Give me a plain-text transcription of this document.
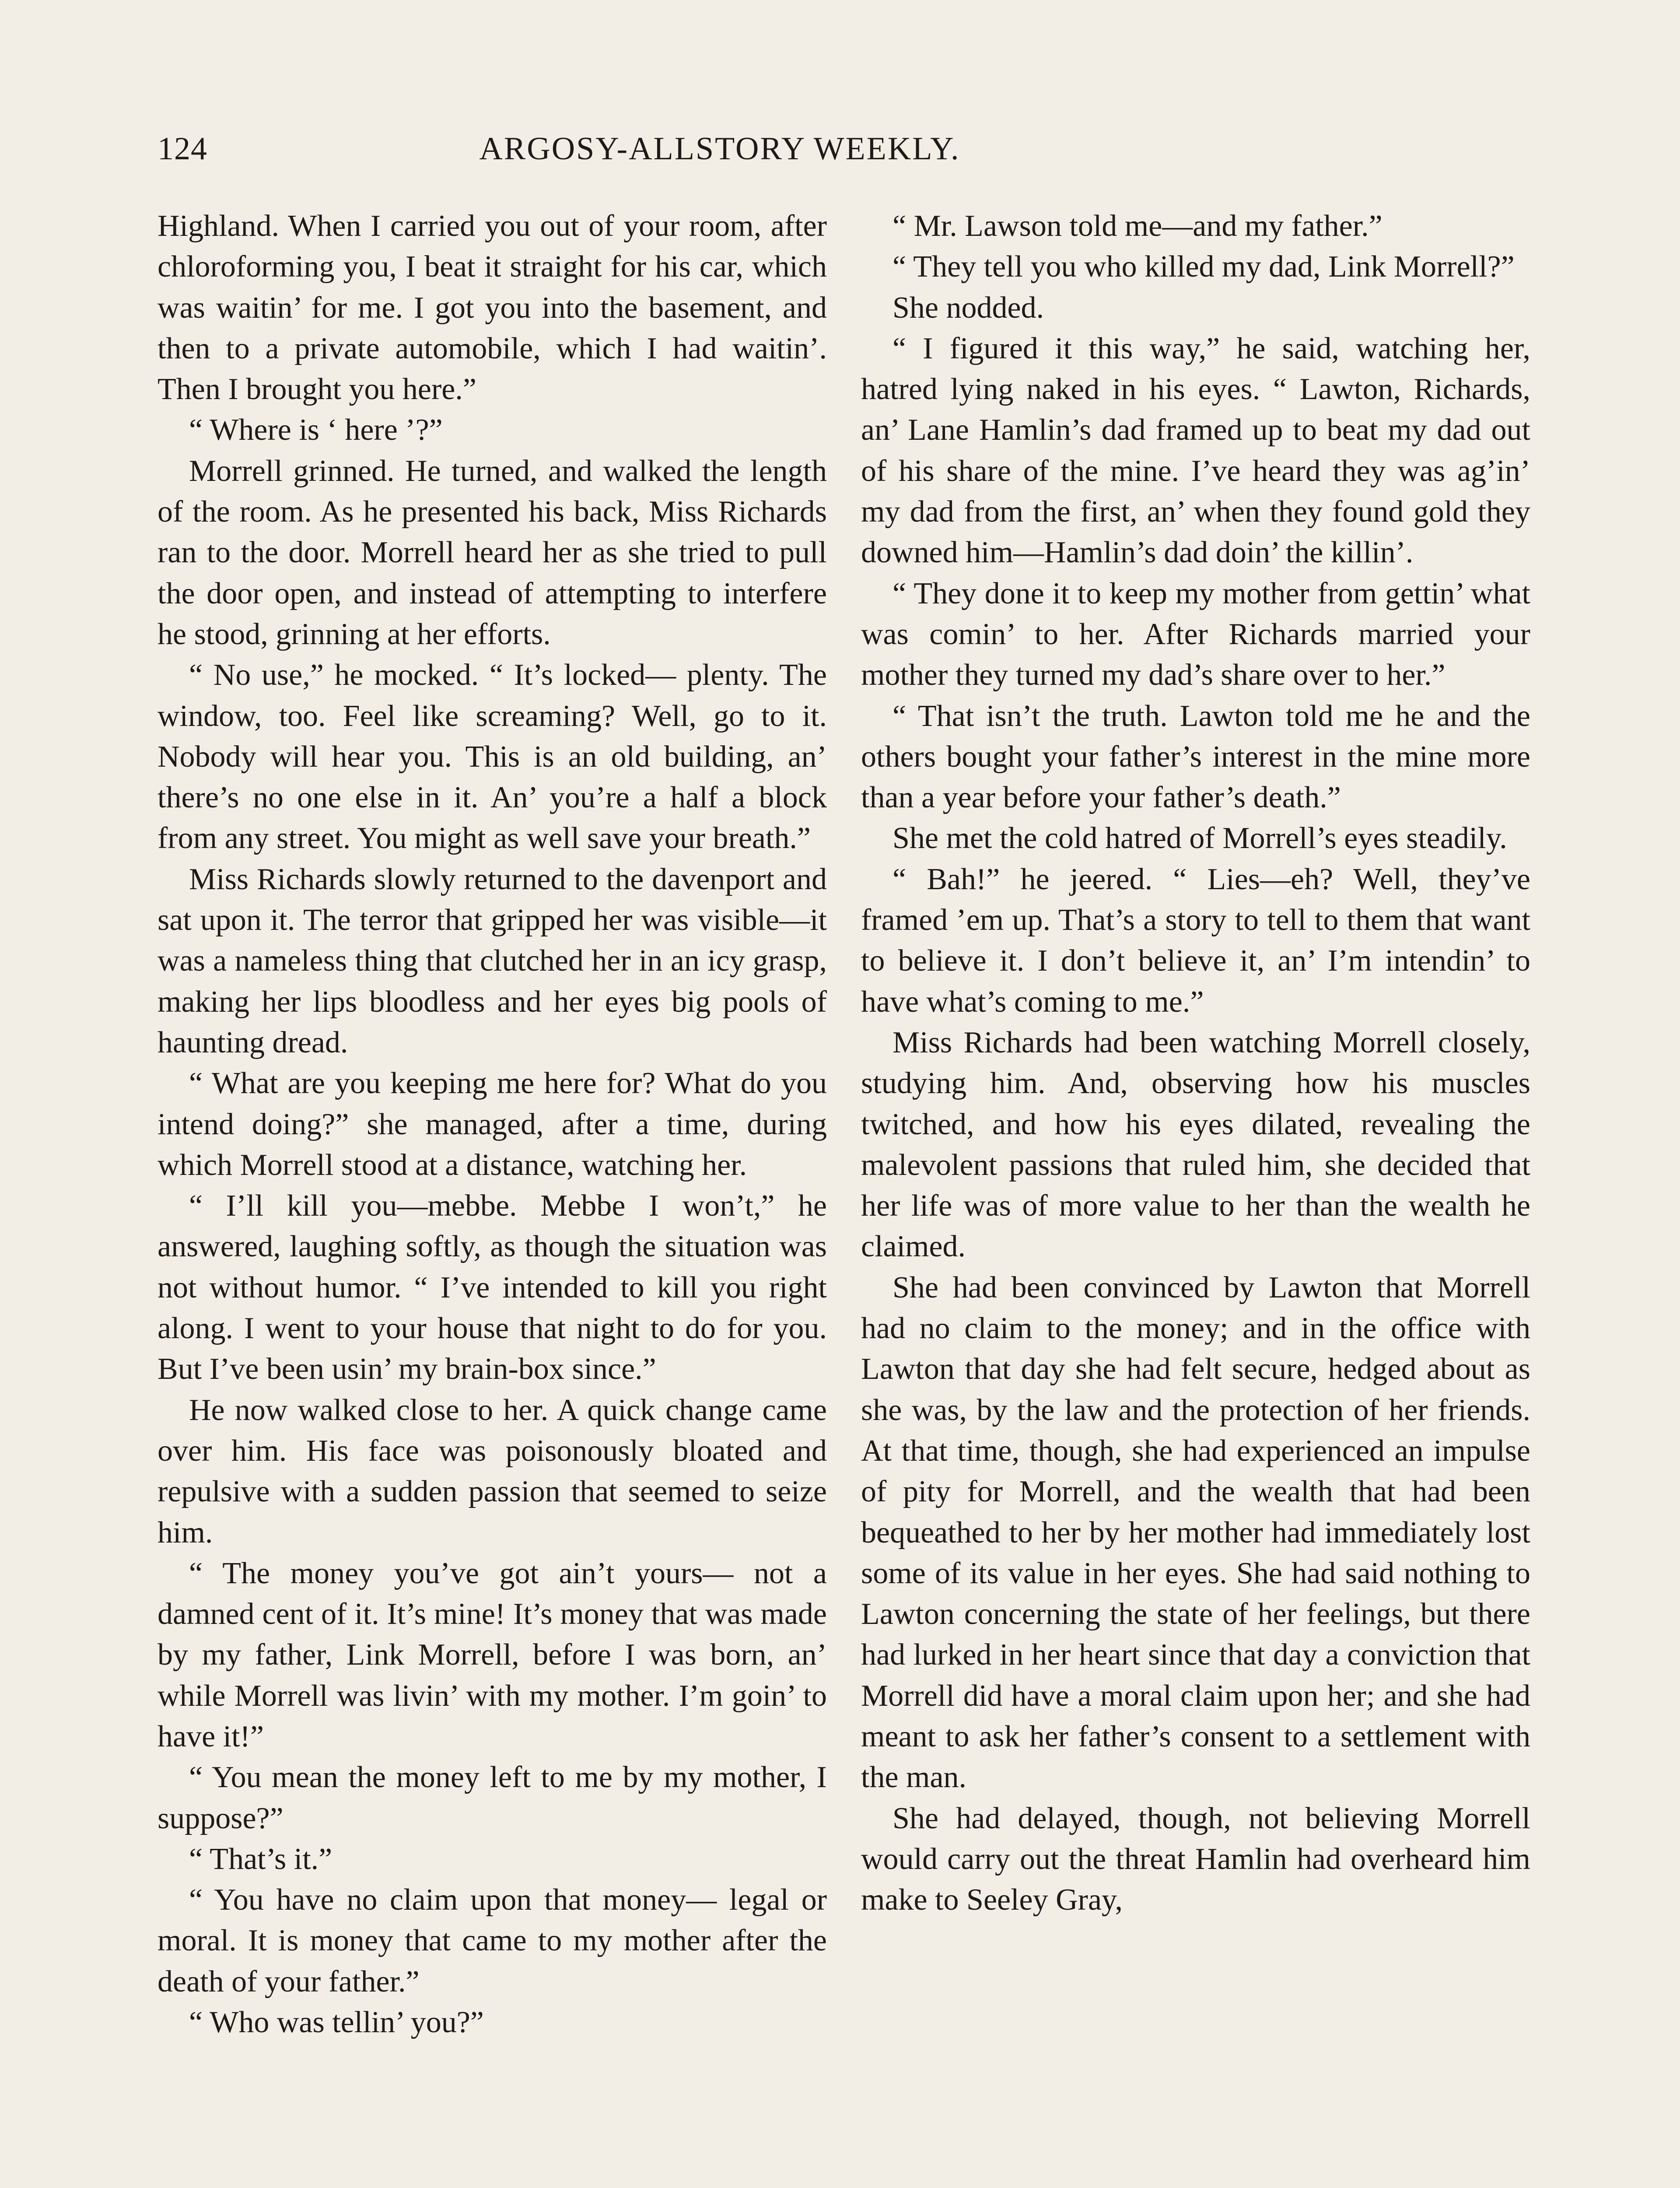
124	ARGOSY-ALLSTORY WEEKLY.

Highland. When I carried you out of your room, after chloroforming you, I beat it straight for his car, which was waitin’ for me. I got you into the basement, and then to a private automobile, which I had waitin’. Then I brought you here.”

“ Where is ‘ here ’?”

Morrell grinned. He turned, and walked the length of the room. As he presented his back, Miss Richards ran to the door. Morrell heard her as she tried to pull the door open, and instead of attempting to interfere he stood, grinning at her efforts.

“ No use,” he mocked. “ It’s locked— plenty. The window, too. Feel like screaming? Well, go to it. Nobody will hear you. This is an old building, an’ there’s no one else in it. An’ you’re a half a block from any street. You might as well save your breath.”

Miss Richards slowly returned to the davenport and sat upon it. The terror that gripped her was visible—it was a nameless thing that clutched her in an icy grasp, making her lips bloodless and her eyes big pools of haunting dread.

“ What are you keeping me here for? What do you intend doing?” she managed, after a time, during which Morrell stood at a distance, watching her.

“ I’ll kill you—mebbe. Mebbe I won’t,” he answered, laughing softly, as though the situation was not without humor. “ I’ve intended to kill you right along. I went to your house that night to do for you. But I’ve been usin’ my brain-box since.”

He now walked close to her. A quick change came over him. His face was poisonously bloated and repulsive with a sudden passion that seemed to seize him.

“ The money you’ve got ain’t yours— not a damned cent of it. It’s mine! It’s money that was made by my father, Link Morrell, before I was born, an’ while Morrell was livin’ with my mother. I’m goin’ to have it!”

“ You mean the money left to me by my mother, I suppose?”

“ That’s it.”

“ You have no claim upon that money— legal or moral. It is money that came to my mother after the death of your father.”

“ Who was tellin’ you?”

“ Mr. Lawson told me—and my father.”

“ They tell you who killed my dad, Link Morrell?”

She nodded.

“ I figured it this way,” he said, watching her, hatred lying naked in his eyes. “ Lawton, Richards, an’ Lane Hamlin’s dad framed up to beat my dad out of his share of the mine. I’ve heard they was ag’in’ my dad from the first, an’ when they found gold they downed him—Hamlin’s dad doin’ the killin’.

“ They done it to keep my mother from gettin’ what was comin’ to her. After Richards married your mother they turned my dad’s share over to her.”

“ That isn’t the truth. Lawton told me he and the others bought your father’s interest in the mine more than a year before your father’s death.”

She met the cold hatred of Morrell’s eyes steadily.

“ Bah!” he jeered. “ Lies—eh? Well, they’ve framed ’em up. That’s a story to tell to them that want to believe it. I don’t believe it, an’ I’m intendin’ to have what’s coming to me.”

Miss Richards had been watching Morrell closely, studying him. And, observing how his muscles twitched, and how his eyes dilated, revealing the malevolent passions that ruled him, she decided that her life was of more value to her than the wealth he claimed.

She had been convinced by Lawton that Morrell had no claim to the money; and in the office with Lawton that day she had felt secure, hedged about as she was, by the law and the protection of her friends. At that time, though, she had experienced an impulse of pity for Morrell, and the wealth that had been bequeathed to her by her mother had immediately lost some of its value in her eyes. She had said nothing to Lawton concerning the state of her feelings, but there had lurked in her heart since that day a conviction that Morrell did have a moral claim upon her; and she had meant to ask her father’s consent to a settlement with the man.

She had delayed, though, not believing Morrell would carry out the threat Hamlin had overheard him make to Seeley Gray,
